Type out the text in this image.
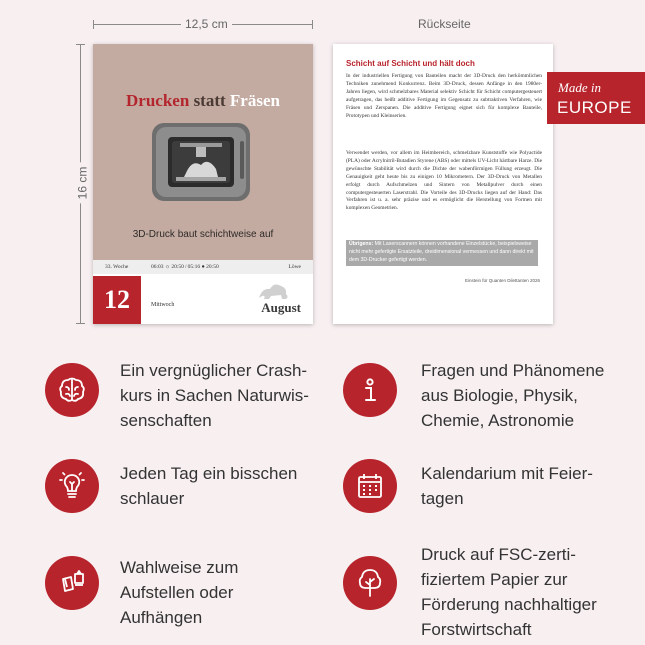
12,5 cm
16 cm
Rückseite
Drucken statt Fräsen
3D-Druck baut schichtweise auf
33. Woche	06:03 ☼ 20:50 / 05:16 ● 20:50	Löwe
12	Mittwoch	August
Schicht auf Schicht und hält doch
In der industriellen Fertigung von Bauteilen macht der 3D-Druck den herkömmlichen Techniken zunehmend Konkurrenz. Beim 3D-Druck, dessen Anfänge in den 1980er-Jahren liegen, wird schmelzbares Material selektiv Schicht für Schicht computergesteuert aufgetragen, das heißt additive Fertigung im Gegensatz zu subtraktiven Verfahren, wie Fräsen und Zerspanen. Die additive Fertigung eignet sich für komplexe Bauteile, Prototypen und Kleinserien.
Verwendet werden, vor allem im Heimbereich, schmelzbare Kunststoffe wie Polyactide (PLA) oder Acrylnitril-Butadien Styrene (ABS) oder mittels UV-Licht härtbare Harze. Die gewünschte Stabilität wird durch die Dichte der wabenförmigen Füllung erzeugt. Die Genauigkeit geht heute bis zu einigen 10 Mikrometern. Der 3D-Druck von Metallen erfolgt durch Aufschmelzen und Sintern von Metallpulver durch einen computergesteuerten Laserstrahl. Die Vorteile des 3D-Drucks liegen auf der Hand: Das Verfahren ist u. a. sehr präzise und es ermöglicht die Herstellung von Formen mit komplexen Geometrien.
Übrigens: Mit Laserscannern können vorhandene Einzelstücke, beispielsweise nicht mehr gefertigte Ersatzteile, dreidimensional vermessen und dann direkt mit dem 3D-Drucker gefertigt werden.
Einstein für Quanten Dilettanten 2026
Made in
EUROPE
Ein vergnüglicher Crash-
kurs in Sachen Naturwis-
senschaften
Fragen und Phänomene
aus Biologie, Physik,
Chemie, Astronomie
Jeden Tag ein bisschen
schlauer
Kalendarium mit Feier-
tagen
Wahlweise zum
Aufstellen oder
Aufhängen
Druck auf FSC-zerti-
fiziertem Papier zur
Förderung nachhaltiger
Forstwirtschaft
